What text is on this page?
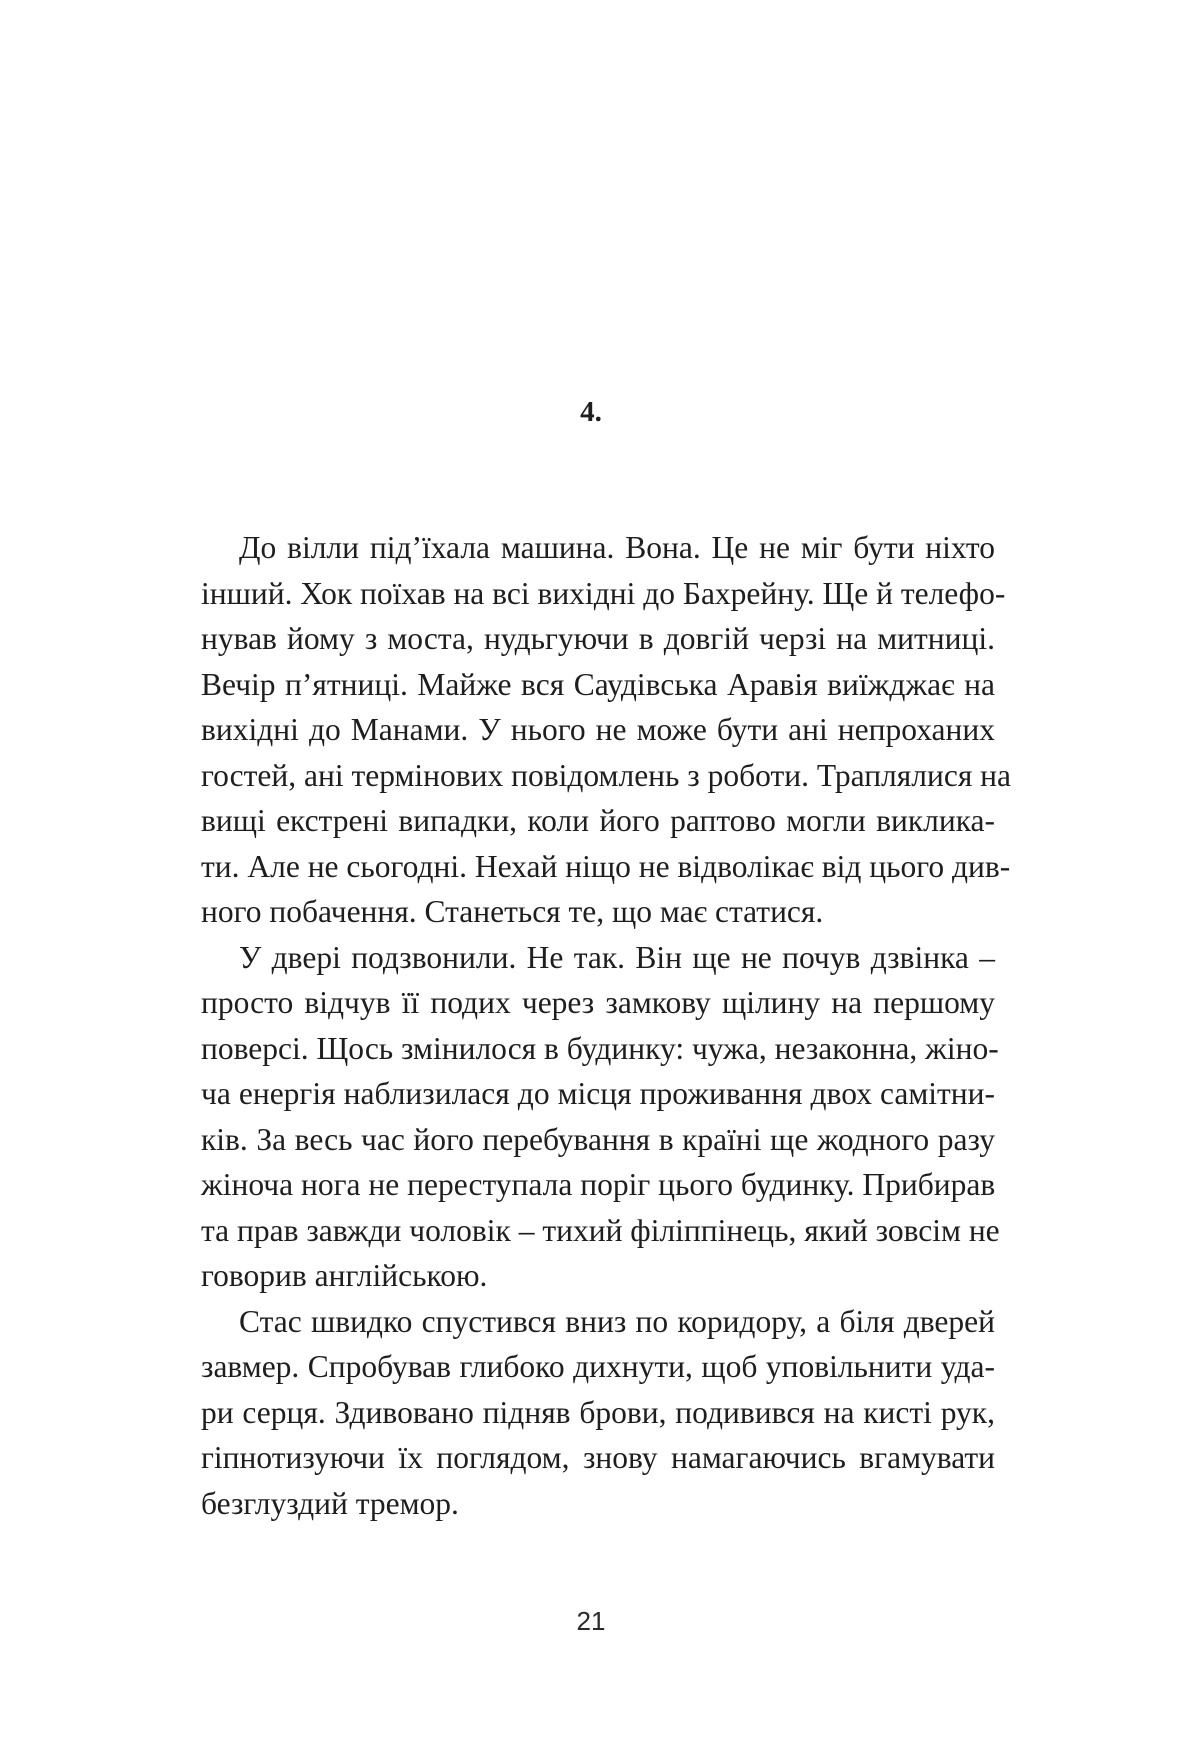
4.
До вілли під’їхала машина. Вона. Це не міг бути ніхто
інший. Хок поїхав на всі вихідні до Бахрейну. Ще й телефо-
нував йому з моста, нудьгуючи в довгій черзі на митниці.
Вечір п’ятниці. Майже вся Саудівська Аравія виїжджає на
вихідні до Манами. У нього не може бути ані непроханих
гостей, ані термінових повідомлень з роботи. Траплялися на
вищі екстрені випадки, коли його раптово могли виклика-
ти. Але не сьогодні. Нехай ніщо не відволікає від цього див-
ного побачення. Станеться те, що має статися.
У двері подзвонили. Не так. Він ще не почув дзвінка –
просто відчув її подих через замкову щілину на першому
поверсі. Щось змінилося в будинку: чужа, незаконна, жіно-
ча енергія наблизилася до місця проживання двох самітни-
ків. За весь час його перебування в країні ще жодного разу
жіноча нога не переступала поріг цього будинку. Прибирав
та прав завжди чоловік – тихий філіппінець, який зовсім не
говорив англійською.
Стас швидко спустився вниз по коридору, а біля дверей
завмер. Спробував глибоко дихнути, щоб уповільнити уда-
ри серця. Здивовано підняв брови, подивився на кисті рук,
гіпнотизуючи їх поглядом, знову намагаючись вгамувати
безглуздий тремор.
21
